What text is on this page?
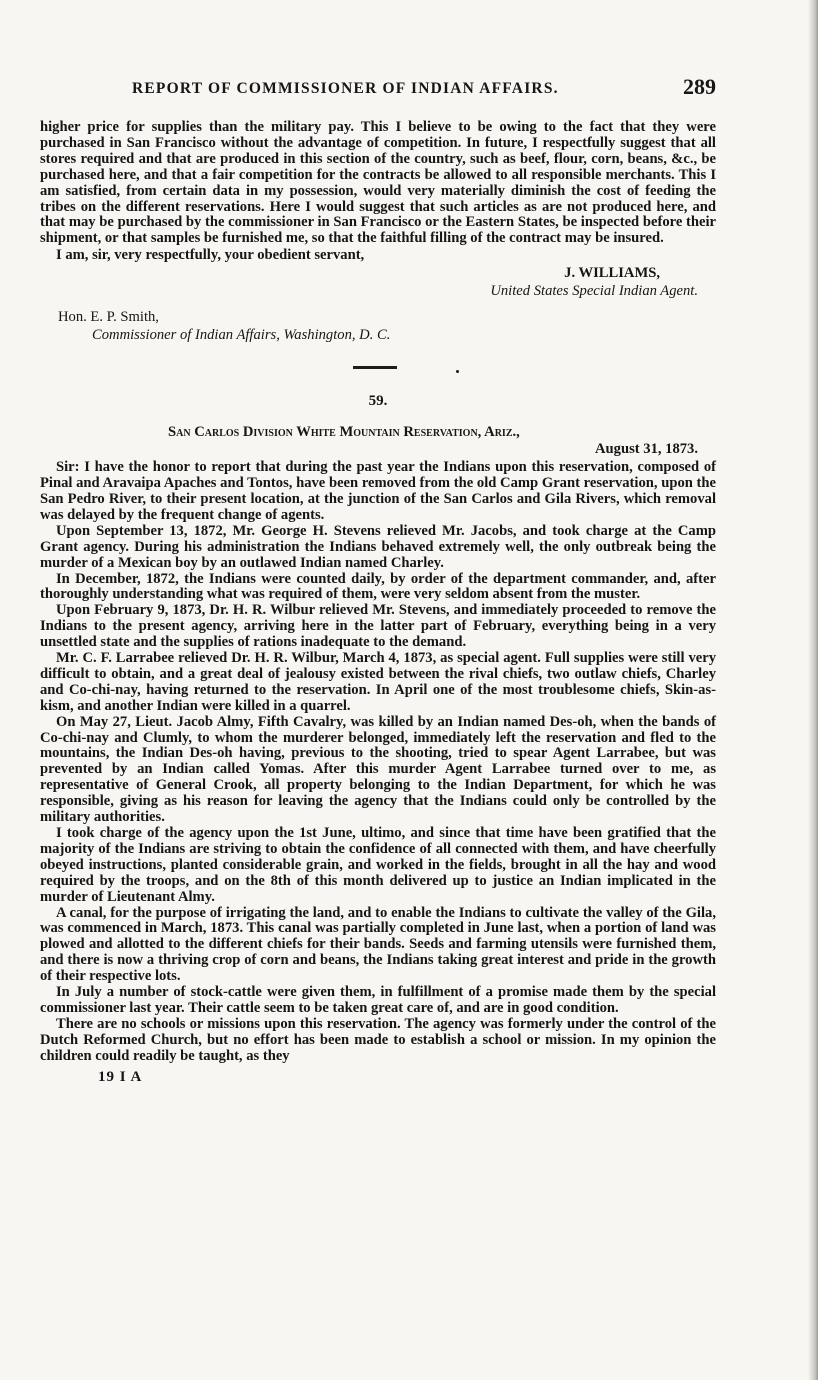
REPORT OF COMMISSIONER OF INDIAN AFFAIRS.	289

higher price for supplies than the military pay. This I believe to be owing to the fact that they were purchased in San Francisco without the advantage of competition. In future, I respectfully suggest that all stores required and that are produced in this section of the country, such as beef, flour, corn, beans, &c., be purchased here, and that a fair competition for the contracts be allowed to all responsible merchants. This I am satisfied, from certain data in my possession, would very materially diminish the cost of feeding the tribes on the different reservations. Here I would suggest that such articles as are not produced here, and that may be purchased by the commissioner in San Francisco or the Eastern States, be inspected before their shipment, or that samples be furnished me, so that the faithful filling of the contract may be insured.

I am, sir, very respectfully, your obedient servant,

J. WILLIAMS,
United States Special Indian Agent.
Hon. E. P. Smith,
Commissioner of Indian Affairs, Washington, D. C.
59.
San Carlos Division White Mountain Reservation, Ariz.,
August 31, 1873.

Sir: I have the honor to report that during the past year the Indians upon this reservation, composed of Pinal and Aravaipa Apaches and Tontos, have been removed from the old Camp Grant reservation, upon the San Pedro River, to their present location, at the junction of the San Carlos and Gila Rivers, which removal was delayed by the frequent change of agents.

Upon September 13, 1872, Mr. George H. Stevens relieved Mr. Jacobs, and took charge at the Camp Grant agency. During his administration the Indians behaved extremely well, the only outbreak being the murder of a Mexican boy by an outlawed Indian named Charley.

In December, 1872, the Indians were counted daily, by order of the department commander, and, after thoroughly understanding what was required of them, were very seldom absent from the muster.

Upon February 9, 1873, Dr. H. R. Wilbur relieved Mr. Stevens, and immediately proceeded to remove the Indians to the present agency, arriving here in the latter part of February, everything being in a very unsettled state and the supplies of rations inadequate to the demand.

Mr. C. F. Larrabee relieved Dr. H. R. Wilbur, March 4, 1873, as special agent. Full supplies were still very difficult to obtain, and a great deal of jealousy existed between the rival chiefs, two outlaw chiefs, Charley and Co-chi-nay, having returned to the reservation. In April one of the most troublesome chiefs, Skin-as-kism, and another Indian were killed in a quarrel.

On May 27, Lieut. Jacob Almy, Fifth Cavalry, was killed by an Indian named Des-oh, when the bands of Co-chi-nay and Clumly, to whom the murderer belonged, immediately left the reservation and fled to the mountains, the Indian Des-oh having, previous to the shooting, tried to spear Agent Larrabee, but was prevented by an Indian called Yomas. After this murder Agent Larrabee turned over to me, as representative of General Crook, all property belonging to the Indian Department, for which he was responsible, giving as his reason for leaving the agency that the Indians could only be controlled by the military authorities.

I took charge of the agency upon the 1st June, ultimo, and since that time have been gratified that the majority of the Indians are striving to obtain the confidence of all connected with them, and have cheerfully obeyed instructions, planted considerable grain, and worked in the fields, brought in all the hay and wood required by the troops, and on the 8th of this month delivered up to justice an Indian implicated in the murder of Lieutenant Almy.

A canal, for the purpose of irrigating the land, and to enable the Indians to cultivate the valley of the Gila, was commenced in March, 1873. This canal was partially completed in June last, when a portion of land was plowed and allotted to the different chiefs for their bands. Seeds and farming utensils were furnished them, and there is now a thriving crop of corn and beans, the Indians taking great interest and pride in the growth of their respective lots.

In July a number of stock-cattle were given them, in fulfillment of a promise made them by the special commissioner last year. Their cattle seem to be taken great care of, and are in good condition.

There are no schools or missions upon this reservation. The agency was formerly under the control of the Dutch Reformed Church, but no effort has been made to establish a school or mission. In my opinion the children could readily be taught, as they

19 I A
